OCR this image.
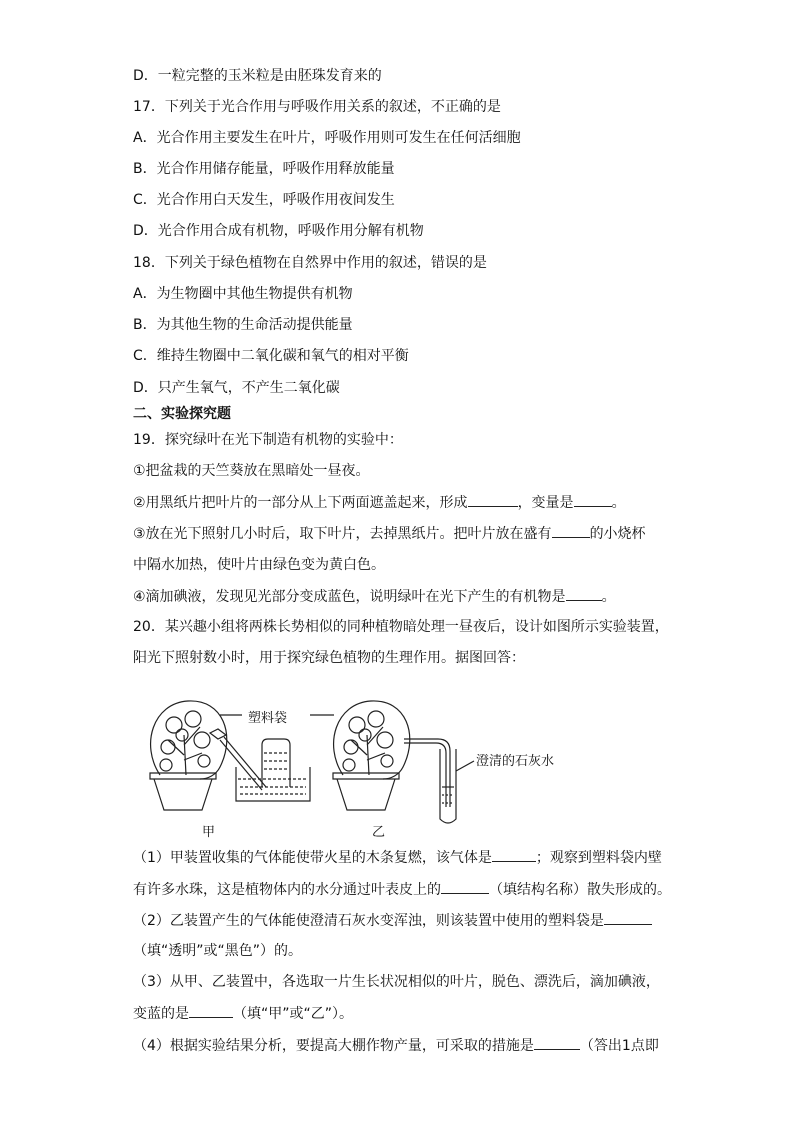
D．一粒完整的玉米粒是由胚珠发育来的
17．下列关于光合作用与呼吸作用关系的叙述，不正确的是
A．光合作用主要发生在叶片，呼吸作用则可发生在任何活细胞
B．光合作用储存能量，呼吸作用释放能量
C．光合作用白天发生，呼吸作用夜间发生
D．光合作用合成有机物，呼吸作用分解有机物
18．下列关于绿色植物在自然界中作用的叙述，错误的是
A．为生物圈中其他生物提供有机物
B．为其他生物的生命活动提供能量
C．维持生物圈中二氧化碳和氧气的相对平衡
D．只产生氧气，不产生二氧化碳
二、实验探究题
19．探究绿叶在光下制造有机物的实验中：
①把盆栽的天竺葵放在黑暗处一昼夜。
②用黑纸片把叶片的一部分从上下两面遮盖起来，形成	，变量是	。
③放在光下照射几小时后，取下叶片，去掉黑纸片。把叶片放在盛有	的小烧杯
中隔水加热，使叶片由绿色变为黄白色。
④滴加碘液，发现见光部分变成蓝色，说明绿叶在光下产生的有机物是	。
20．某兴趣小组将两株长势相似的同种植物暗处理一昼夜后，设计如图所示实验装置，
阳光下照射数小时，用于探究绿色植物的生理作用。据图回答：
塑料袋
澄清的石灰水
甲	乙
（1）甲装置收集的气体能使带火星的木条复燃，该气体是	；观察到塑料袋内壁
有许多水珠，这是植物体内的水分通过叶表皮上的	（填结构名称）散失形成的。
（2）乙装置产生的气体能使澄清石灰水变浑浊，则该装置中使用的塑料袋是
（填“透明”或“黑色”）的。
（3）从甲、乙装置中，各选取一片生长状况相似的叶片，脱色、漂洗后，滴加碘液，
变蓝的是	（填“甲”或“乙”）。
（4）根据实验结果分析，要提高大棚作物产量，可采取的措施是	（答出1点即
